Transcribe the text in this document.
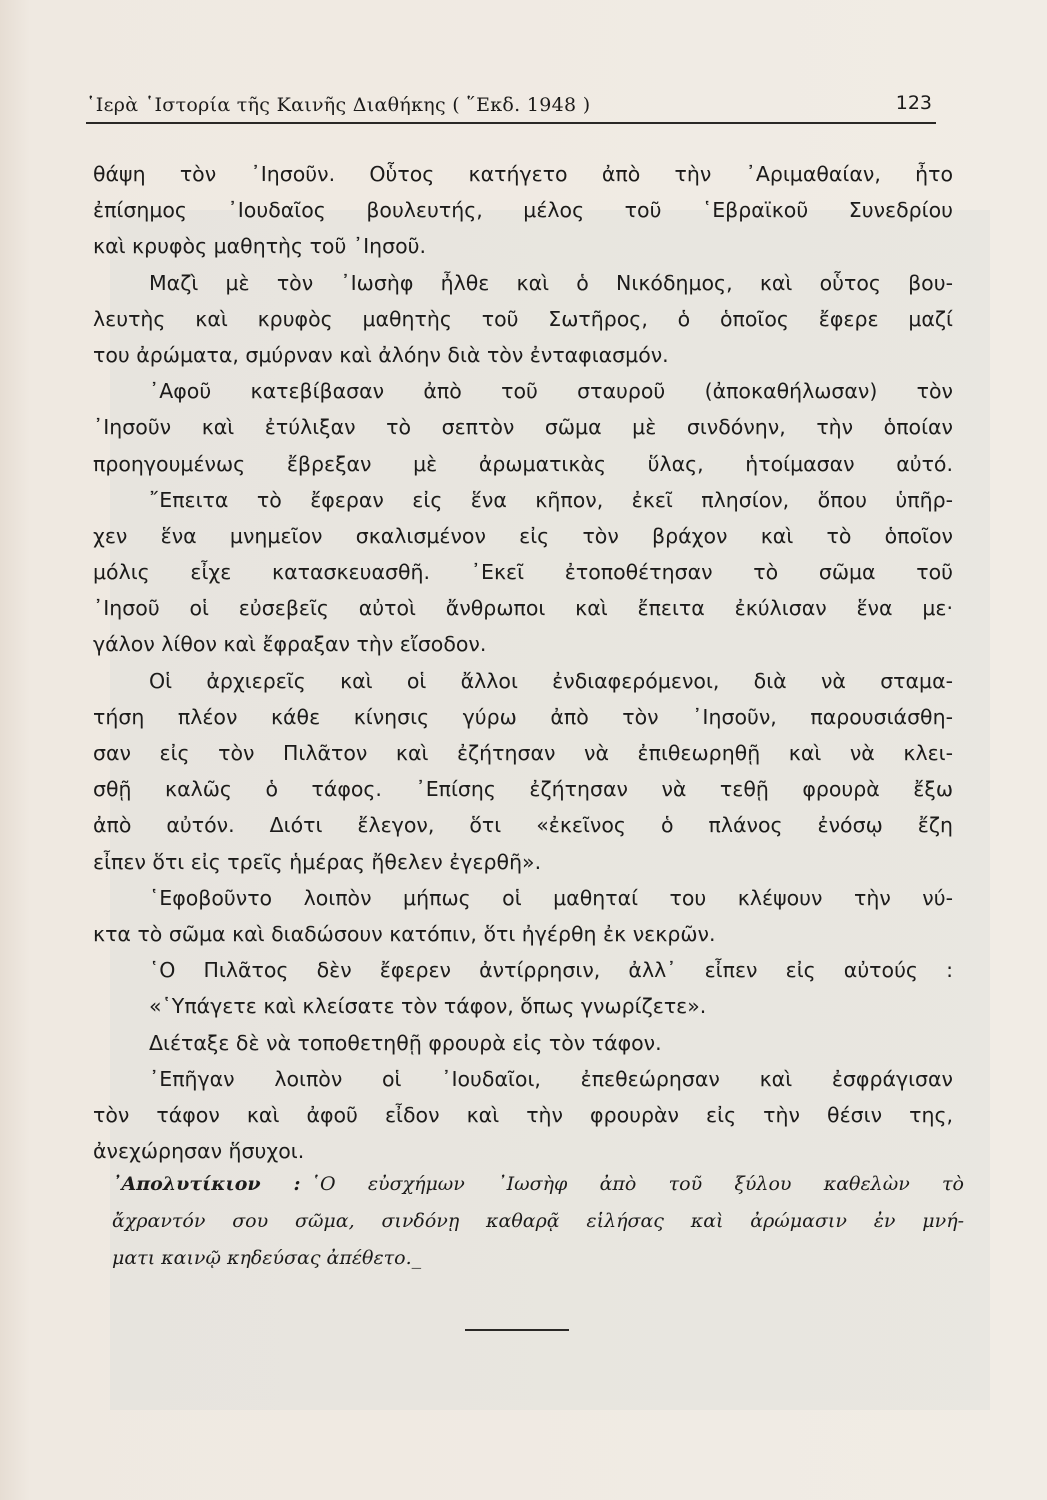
῾Ιερὰ ῾Ιστορία τῆς Καινῆς Διαθήκης ( ῞Εκδ. 1948 )	123
θάψη τὸν ᾿Ιησοῦν. Οὗτος κατήγετο ἀπὸ τὴν ᾿Αριμαθαίαν, ἦτο
ἐπίσημος ᾿Ιουδαῖος βουλευτής, μέλος τοῦ ῾Εβραϊκοῦ Συνεδρίου
καὶ κρυφὸς μαθητὴς τοῦ ᾿Ιησοῦ.
Μαζὶ μὲ τὸν ᾿Ιωσὴφ ἦλθε καὶ ὁ Νικόδημος, καὶ οὗτος βου-
λευτὴς καὶ κρυφὸς μαθητὴς τοῦ Σωτῆρος, ὁ ὁποῖος ἔφερε μαζί
του ἀρώματα, σμύρναν καὶ ἀλόην διὰ τὸν ἐνταφιασμόν.
᾿Αφοῦ κατεβίβασαν ἀπὸ τοῦ σταυροῦ (ἀποκαθήλωσαν) τὸν
᾿Ιησοῦν καὶ ἐτύλιξαν τὸ σεπτὸν σῶμα μὲ σινδόνην, τὴν ὁποίαν
προηγουμένως ἔβρεξαν μὲ ἀρωματικὰς ὕλας, ἡτοίμασαν αὐτό.
῎Επειτα τὸ ἔφεραν εἰς ἕνα κῆπον, ἐκεῖ πλησίον, ὅπου ὑπῆρ-
χεν ἕνα μνημεῖον σκαλισμένον εἰς τὸν βράχον καὶ τὸ ὁποῖον
μόλις εἶχε κατασκευασθῆ. ᾿Εκεῖ ἐτοποθέτησαν τὸ σῶμα τοῦ
᾿Ιησοῦ οἱ εὐσεβεῖς αὐτοὶ ἄνθρωποι καὶ ἔπειτα ἐκύλισαν ἕνα με·
γάλον λίθον καὶ ἔφραξαν τὴν εἴσοδον.
Οἱ ἀρχιερεῖς καὶ οἱ ἄλλοι ἐνδιαφερόμενοι, διὰ νὰ σταμα-
τήση πλέον κάθε κίνησις γύρω ἀπὸ τὸν ᾿Ιησοῦν, παρουσιάσθη-
σαν εἰς τὸν Πιλᾶτον καὶ ἐζήτησαν νὰ ἐπιθεωρηθῇ καὶ νὰ κλει-
σθῇ καλῶς ὁ τάφος. ᾿Επίσης ἐζήτησαν νὰ τεθῇ φρουρὰ ἔξω
ἀπὸ αὐτόν. Διότι ἔλεγον, ὅτι «ἐκεῖνος ὁ πλάνος ἐνόσῳ ἔζη
εἶπεν ὅτι εἰς τρεῖς ἡμέρας ἤθελεν ἐγερθῆ».
῾Εφοβοῦντο λοιπὸν μήπως οἱ μαθηταί του κλέψουν τὴν νύ-
κτα τὸ σῶμα καὶ διαδώσουν κατόπιν, ὅτι ἠγέρθη ἐκ νεκρῶν.
῾Ο Πιλᾶτος δὲν ἔφερεν ἀντίρρησιν, ἀλλ᾿ εἶπεν εἰς αὐτούς :
«῾Υπάγετε καὶ κλείσατε τὸν τάφον, ὅπως γνωρίζετε».
Διέταξε δὲ νὰ τοποθετηθῇ φρουρὰ εἰς τὸν τάφον.
᾿Επῆγαν λοιπὸν οἱ ᾿Ιουδαῖοι, ἐπεθεώρησαν καὶ ἐσφράγισαν
τὸν τάφον καὶ ἀφοῦ εἶδον καὶ τὴν φρουρὰν εἰς τὴν θέσιν της,
ἀνεχώρησαν ἥσυχοι.
᾿Απολυτίκιον : ῾Ο εὐσχήμων ᾿Ιωσὴφ ἀπὸ τοῦ ξύλου καθελὼν τὸ
ἄχραντόν σου σῶμα, σινδόνῃ καθαρᾷ εἱλήσας καὶ ἀρώμασιν ἐν μνή-
ματι καινῷ κηδεύσας ἀπέθετο._
